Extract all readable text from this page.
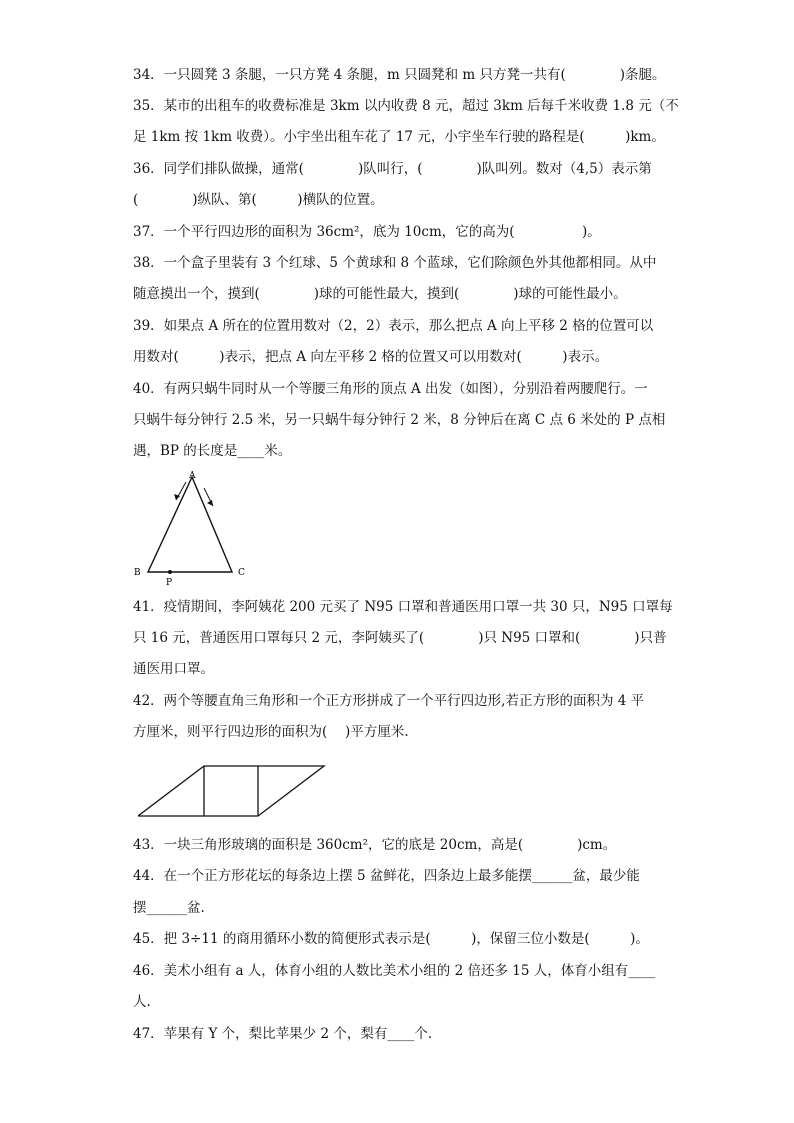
34．一只圆凳 3 条腿，一只方凳 4 条腿，m 只圆凳和 m 只方凳一共有(　　　　)条腿。
35．某市的出租车的收费标准是 3km 以内收费 8 元，超过 3km 后每千米收费 1.8 元（不
足 1km 按 1km 收费）。小宇坐出租车花了 17 元，小宇坐车行驶的路程是(　　　)km。
36．同学们排队做操，通常(　　　　)队叫行，(　　　　)队叫列。数对（4,5）表示第
(　　　　)纵队、第(　　　)横队的位置。
37．一个平行四边形的面积为 36cm²，底为 10cm，它的高为(　　　　　)。
38．一个盒子里装有 3 个红球、5 个黄球和 8 个蓝球，它们除颜色外其他都相同。从中
随意摸出一个，摸到(　　　　)球的可能性最大，摸到(　　　　)球的可能性最小。
39．如果点 A 所在的位置用数对（2，2）表示，那么把点 A 向上平移 2 格的位置可以
用数对(　　　)表示，把点 A 向左平移 2 格的位置又可以用数对(　　　)表示。
40．有两只蜗牛同时从一个等腰三角形的顶点 A 出发（如图），分别沿着两腰爬行。一
只蜗牛每分钟行 2.5 米，另一只蜗牛每分钟行 2 米，8 分钟后在离 C 点 6 米处的 P 点相
遇，BP 的长度是____米。
A
B	C
P
41．疫情期间，李阿姨花 200 元买了 N95 口罩和普通医用口罩一共 30 只，N95 口罩每
只 16 元，普通医用口罩每只 2 元，李阿姨买了(　　　　)只 N95 口罩和(　　　　)只普
通医用口罩。
42．两个等腰直角三角形和一个正方形拼成了一个平行四边形,若正方形的面积为 4 平
方厘米，则平行四边形的面积为(　 )平方厘米.
43．一块三角形玻璃的面积是 360cm²，它的底是 20cm，高是(　　　　)cm。
44．在一个正方形花坛的每条边上摆 5 盆鲜花，四条边上最多能摆______盆，最少能
摆______盆.
45．把 3÷11 的商用循环小数的简便形式表示是(　　　)，保留三位小数是(　　　)。
46．美术小组有 a 人，体育小组的人数比美术小组的 2 倍还多 15 人，体育小组有____
人.
47．苹果有 Y 个，梨比苹果少 2 个，梨有____个.
